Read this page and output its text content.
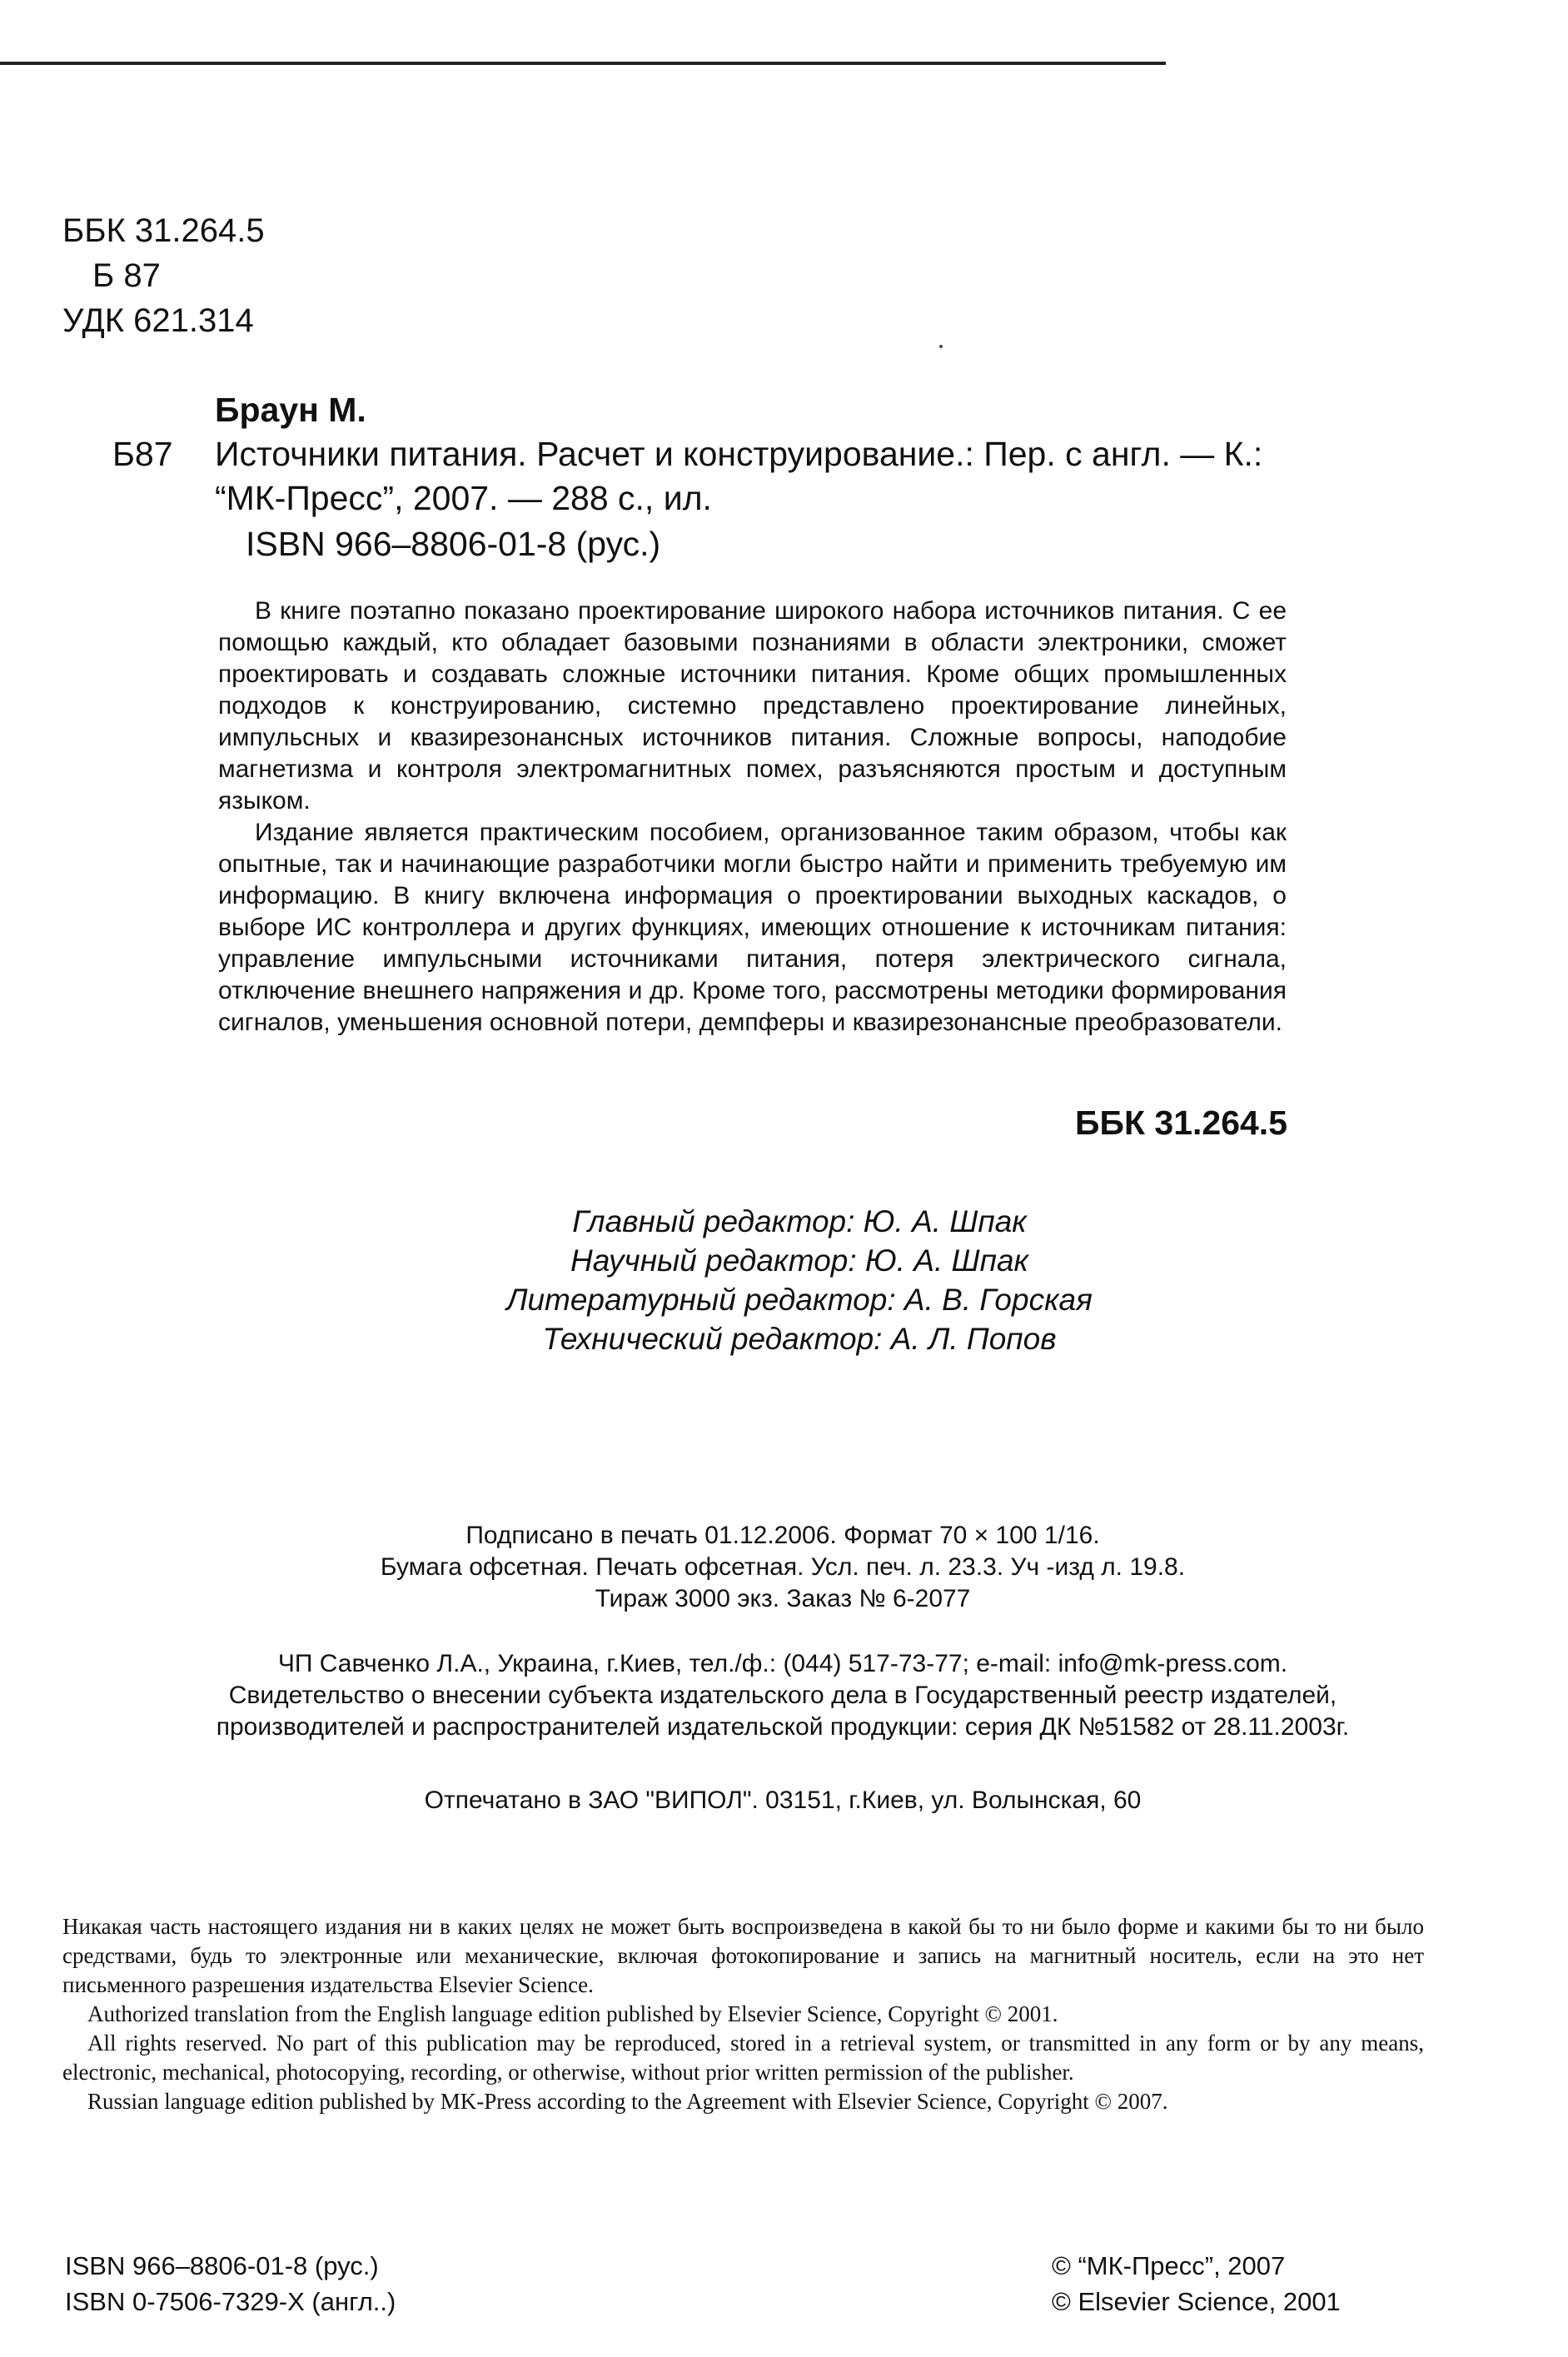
ББК 31.264.5
Б 87
УДК 621.314
Браун М.
Б87 Источники питания. Расчет и конструирование.: Пер. с англ. — К.:
“МК-Пресс”, 2007. — 288 с., ил.
ISBN 966–8806-01-8 (рус.)
В книге поэтапно показано проектирование широкого набора источников питания. С ее помощью каждый, кто обладает базовыми познаниями в области электроники, сможет проектировать и создавать сложные источники питания. Кроме общих промышленных подходов к конструированию, системно представлено проектирование линейных, импульсных и квазирезонансных источников питания. Сложные вопросы, наподобие магнетизма и контроля электромагнитных помех, разъясняются простым и доступным языком.
Издание является практическим пособием, организованное таким образом, чтобы как опытные, так и начинающие разработчики могли быстро найти и применить требуемую им информацию. В книгу включена информация о проектировании выходных каскадов, о выборе ИС контроллера и других функциях, имеющих отношение к источникам питания: управление импульсными источниками питания, потеря электрического сигнала, отключение внешнего напряжения и др. Кроме того, рассмотрены методики формирования сигналов, уменьшения основной потери, демпферы и квазирезонансные преобразователи.
ББК 31.264.5
Главный редактор: Ю. А. Шпак
Научный редактор: Ю. А. Шпак
Литературный редактор: А. В. Горская
Технический редактор: А. Л. Попов
Подписано в печать 01.12.2006. Формат 70 × 100 1/16.
Бумага офсетная. Печать офсетная. Усл. печ. л. 23.3. Уч -изд л. 19.8.
Тираж 3000 экз. Заказ № 6-2077
ЧП Савченко Л.А., Украина, г.Киев, тел./ф.: (044) 517-73-77; e-mail: info@mk-press.com.
Свидетельство о внесении субъекта издательского дела в Государственный реестр издателей,
производителей и распространителей издательской продукции: серия ДК №51582 от 28.11.2003г.
Отпечатано в ЗАО "ВИПОЛ". 03151, г.Киев, ул. Волынская, 60

Никакая часть настоящего издания ни в каких целях не может быть воспроизведена в какой бы то ни было форме и какими бы то ни было средствами, будь то электронные или механические, включая фотокопирование и запись на магнитный носитель, если на это нет письменного разрешения издательства Elsevier Science.

Authorized translation from the English language edition published by Elsevier Science, Copyright © 2001.

All rights reserved. No part of this publication may be reproduced, stored in a retrieval system, or transmitted in any form or by any means, electronic, mechanical, photocopying, recording, or otherwise, without prior written permission of the publisher.

Russian language edition published by MK-Press according to the Agreement with Elsevier Science, Copyright © 2007.

ISBN 966–8806-01-8 (рус.)
ISBN 0-7506-7329-X (англ..)
© “МК-Пресс”, 2007
© Elsevier Science, 2001
